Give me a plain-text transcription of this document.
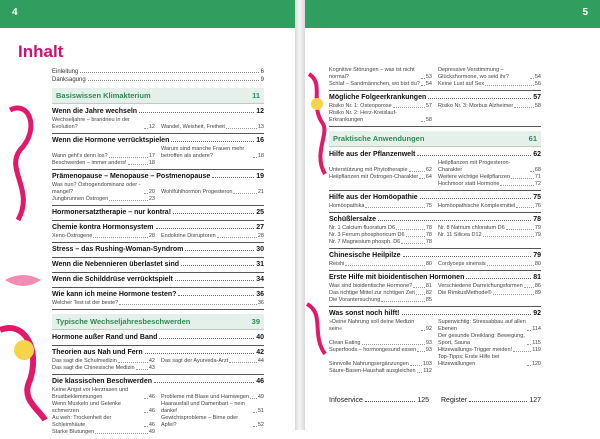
4
Inhalt
Einleitung	6
Danksagung	9
Basiswissen Klimakterium	11
Wenn die Jahre wechseln	12
Wechseljahre – brandneu in der Evolution?	12 Wandel, Weisheit, Freiheit	13
Wenn die Hormone verrücktspielen	16
Wann geht's denn los?	17
Warum sind manche Frauen mehr betroffen als andere?	18
Beschwerden – immer anders!	18
Prämenopause – Menopause – Postmenopause	19
Was nun? Östrogendominanz oder -mangel?	20 Wohlfühlhormon Progesteron	21
Jungbrunnen Östrogen	23
Hormonersatztherapie – nur kontra!	25
Chemie kontra Hormonsystem	27
Xeno-Östrogene	28 Endokrine Disruptoren	28
Stress – das Rushing-Woman-Syndrom	30
Wenn die Nebennieren überlastet sind	31
Wenn die Schilddrüse verrücktspielt	34
Wie kann ich meine Hormone testen?	36
Welcher Test ist der beste?	36
Typische Wechseljahresbeschwerden	39
Hormone außer Rand und Band	40
Theorien aus Nah und Fern	42
Das sagt die Schulmedizin	42 Das sagt der Ayurveda-Arzt	44
Das sagt die Chinesische Medizin	43
Die klassischen Beschwerden	46
Keine Angst vor Herzrasen und Brustbeklemmungen	46 Probleme mit Blase und Harnwegen 49
Wenn Muskeln und Gelenke schmerzen	46
Haarausfall und Damenbart – nein danke!	51
Au weh: Trockenheit der Schleimhäute	46
Gewichtsprobleme – Birne oder Apfel?	52
Starke Blutungen	49
5
Kognitive Störungen – was ist nicht normal?	53
Depressive Verstimmung – Glückshormone, wo seid ihr?	54
Schlaf – Sandmännchen, wo bist du? 54 Keine Lust auf Sex	56
Mögliche Folgeerkrankungen	57
Risiko Nr. 1: Osteoporose	57 Risiko Nr. 3: Morbus Alzheimer	58
Risiko Nr. 2: Herz-Kreislauf-Erkrankungen	58
Praktische Anwendungen	61
Hilfe aus der Pflanzenwelt	62
Unterstützung mit Phytotherapie	62
Heilpflanzen mit Progesteron-Charakter	68
Heilpflanzen mit Östrogen-Charakter 64 Weitere wichtige Heilpflanzen	71
Hochmoor statt Hormone	72
Hilfe aus der Homöopathie	75
Homöopathika	75 Homöopathische Komplexmittel	76
Schüßlersalze	78
Nr. 1 Calcium fluoratum D6	78 Nr. 8 Natrium chloratum D6	79
Nr. 3 Ferrum phosphoricum D6	78 Nr. 11 Silicea D12	79
Nr. 7 Magnesium phosph. D6	78
Chinesische Heilpilze	79
Reishi	80 Cordyceps sinensis	80
Erste Hilfe mit bioidentischen Hormonen	81
Was sind bioidentische Hormone? 81 Verschiedene Darreichungsformen 86
Das richtige Mittel zur richtigen Zeit 82 Die RimkusMethode®	89
Die Vorantersuchung	85
Was sonst noch hilft!	92
»Deine Nahrung soll deine Medizin sein«	92
Superwichtig: Stressabbau auf allen Ebenen	114
Clean Eating	93
Der gesunde Dreiklang: Bewegung, Sport, Sauna	115
Superfoods – hormongesund essen 93 Hitzewallungs-Trigger meiden!	119
Sinnvolle Nahrungsergänzungen	103
Top-Tipps: Erste Hilfe bei Hitzewallungen	120
Säure-Basen-Haushalt ausgleichen 112
Infoservice	125 Register	127
